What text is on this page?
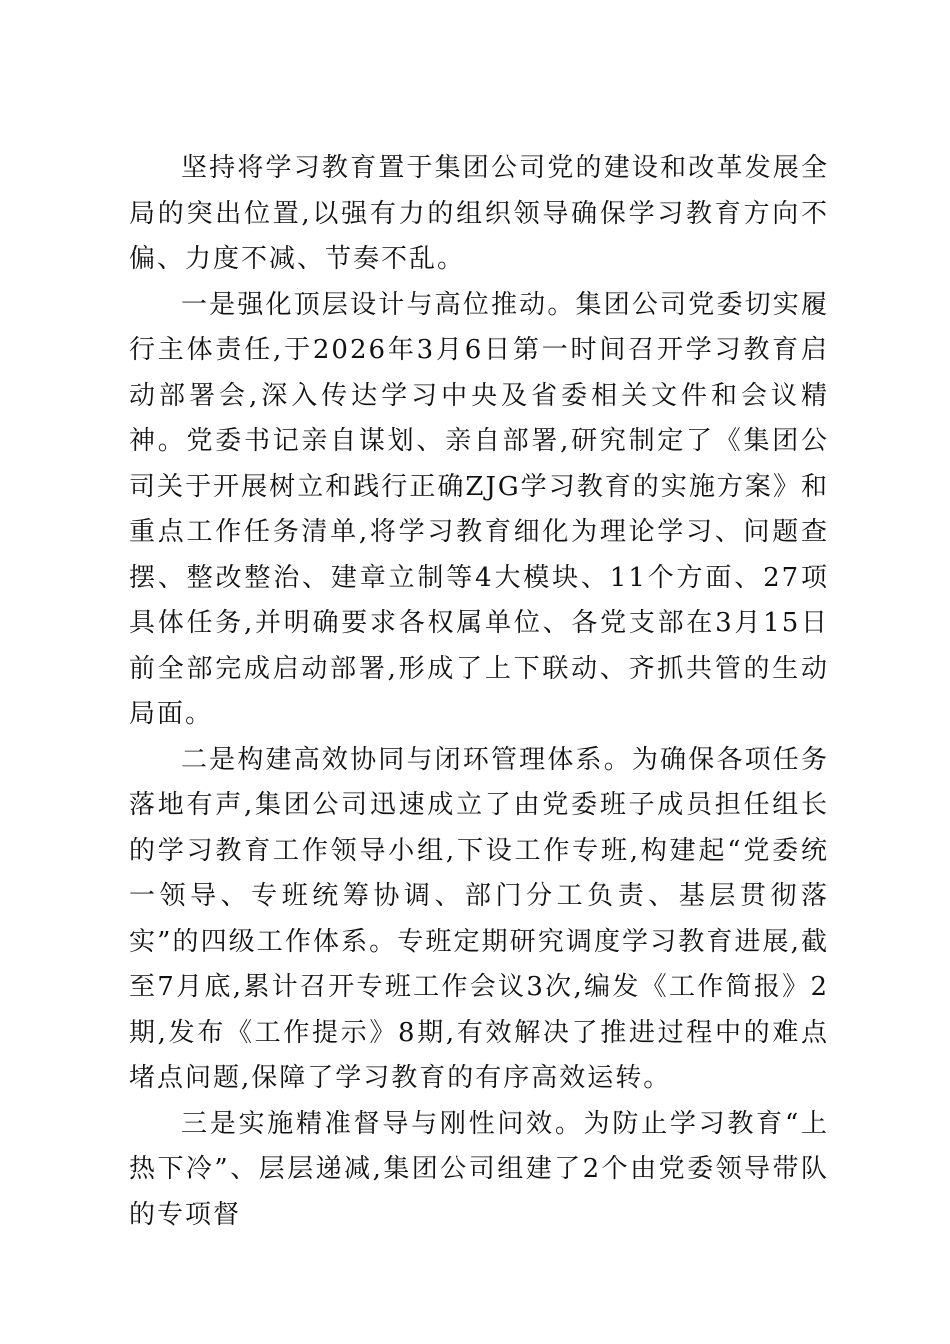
坚持将学习教育置于集团公司党的建设和改革发展全局的突出位置,以强有力的组织领导确保学习教育方向不偏、力度不减、节奏不乱。

一是强化顶层设计与高位推动。集团公司党委切实履行主体责任,于2026年3月6日第一时间召开学习教育启动部署会,深入传达学习中央及省委相关文件和会议精神。党委书记亲自谋划、亲自部署,研究制定了《集团公司关于开展树立和践行正确ZJG学习教育的实施方案》和重点工作任务清单,将学习教育细化为理论学习、问题查摆、整改整治、建章立制等4大模块、11个方面、27项具体任务,并明确要求各权属单位、各党支部在3月15日前全部完成启动部署,形成了上下联动、齐抓共管的生动局面。

二是构建高效协同与闭环管理体系。为确保各项任务落地有声,集团公司迅速成立了由党委班子成员担任组长的学习教育工作领导小组,下设工作专班,构建起“党委统一领导、专班统筹协调、部门分工负责、基层贯彻落实”的四级工作体系。专班定期研究调度学习教育进展,截至7月底,累计召开专班工作会议3次,编发《工作简报》2期,发布《工作提示》8期,有效解决了推进过程中的难点堵点问题,保障了学习教育的有序高效运转。

三是实施精准督导与刚性问效。为防止学习教育“上热下冷”、层层递减,集团公司组建了2个由党委领导带队的专项督
